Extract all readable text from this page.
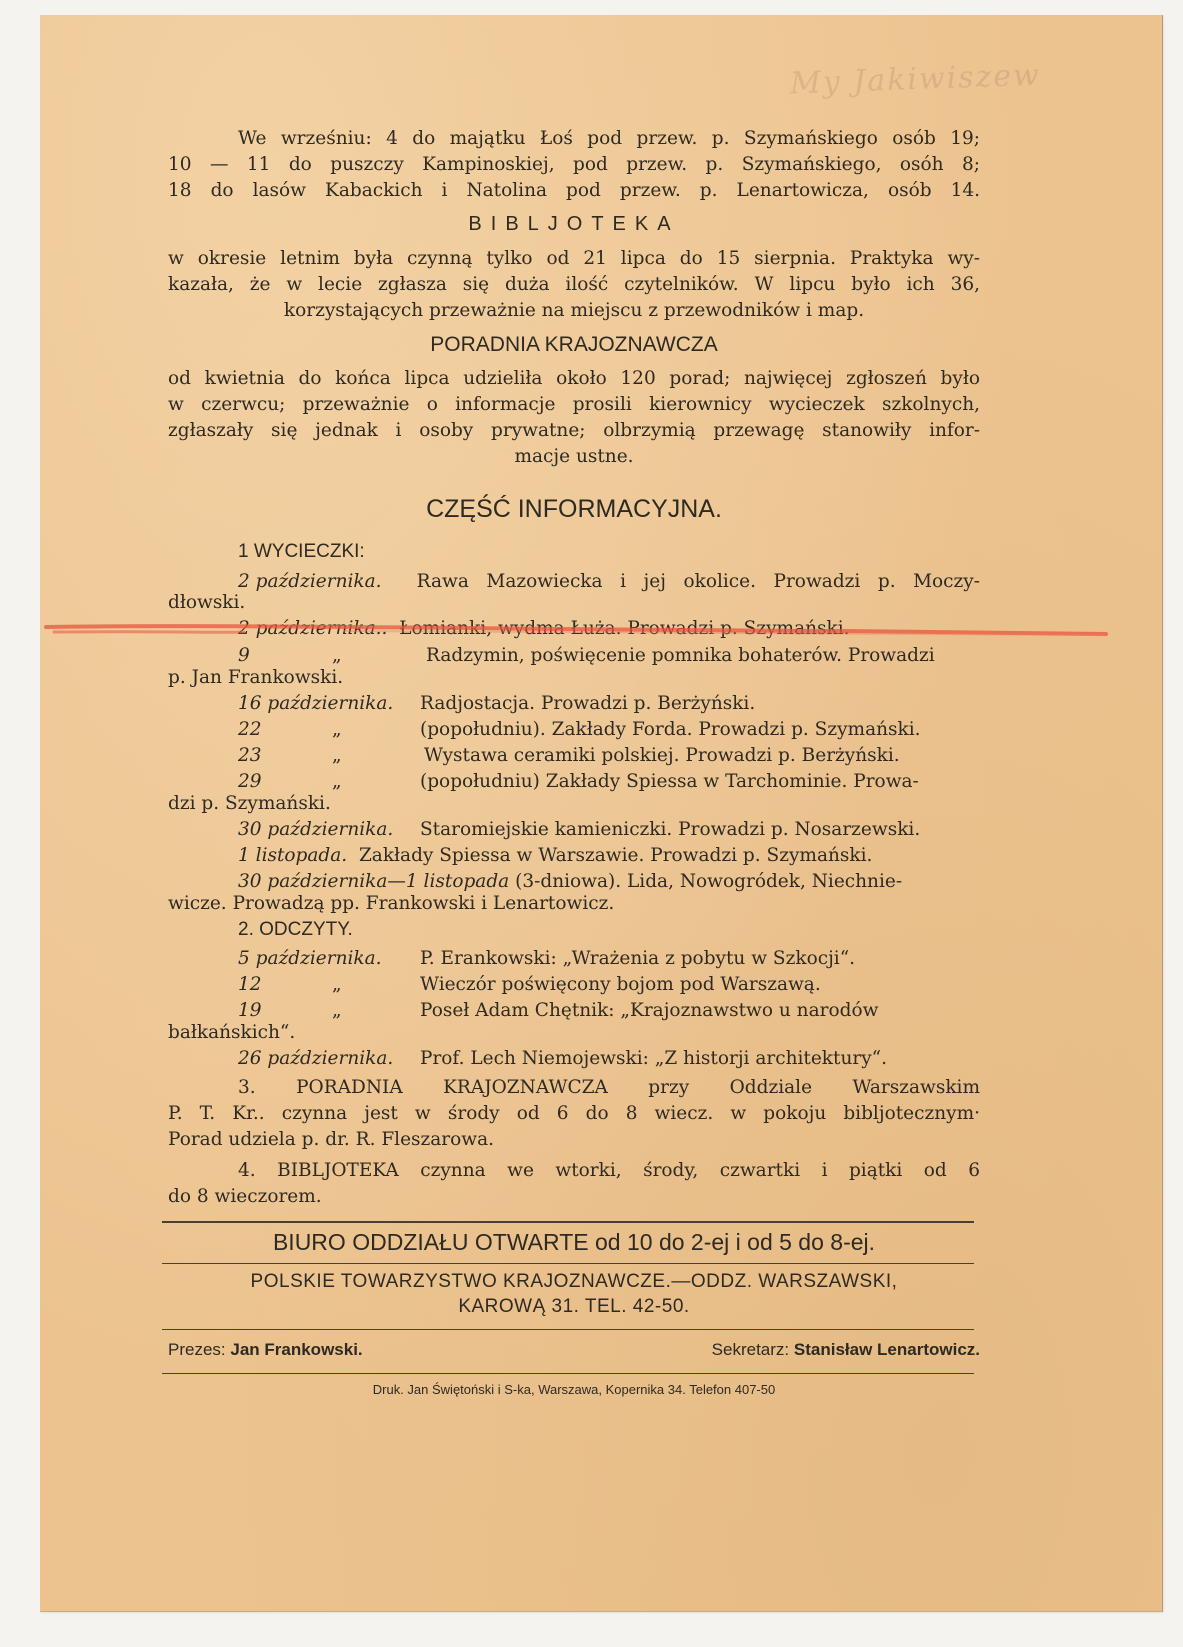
My Jakiwiszew
We wrześniu: 4 do majątku Łoś pod przew. p. Szymańskiego osób 19;
10 — 11 do puszczy Kampinoskiej, pod przew. p. Szymańskiego, osóh 8;
18 do lasów Kabackich i Natolina pod przew. p. Lenartowicza, osób 14.
BIBLJOTEKA
w okresie letnim była czynną tylko od 21 lipca do 15 sierpnia. Praktyka wy-
kazała, że w lecie zgłasza się duża ilość czytelników. W lipcu było ich 36,
korzystających przeważnie na miejscu z przewodników i map.
PORADNIA KRAJOZNAWCZA
od kwietnia do końca lipca udzieliła około 120 porad; najwięcej zgłoszeń było
w czerwcu; przeważnie o informacje prosili kierownicy wycieczek szkolnych,
zgłaszały się jednak i osoby prywatne; olbrzymią przewagę stanowiły infor-
macje ustne.
CZĘŚĆ INFORMACYJNA.
1 WYCIECZKI:
2 października. Rawa Mazowiecka i jej okolice. Prowadzi p. Moczy-
dłowski.
2 października.. Łomianki, wydma Łuża. Prowadzi p. Szymański.
9	„	Radzymin, poświęcenie pomnika bohaterów. Prowadzi
p. Jan Frankowski.
16 października. Radjostacja. Prowadzi p. Berżyński.
22	„	(popołudniu). Zakłady Forda. Prowadzi p. Szymański.
23	„	Wystawa ceramiki polskiej. Prowadzi p. Berżyński.
29	„	(popołudniu) Zakłady Spiessa w Tarchominie. Prowa-
dzi p. Szymański.
30 października. Staromiejskie kamieniczki. Prowadzi p. Nosarzewski.
1 listopada. Zakłady Spiessa w Warszawie. Prowadzi p. Szymański.
30 października—1 listopada (3-dniowa). Lida, Nowogródek, Niechnie-
wicze. Prowadzą pp. Frankowski i Lenartowicz.
2. ODCZYTY.
5 października. P. Erankowski: „Wrażenia z pobytu w Szkocji“.
12	„	Wieczór poświęcony bojom pod Warszawą.
19	„	Poseł Adam Chętnik: „Krajoznawstwo u narodów
bałkańskich“.
26 października. Prof. Lech Niemojewski: „Z historji architektury“.
3. PORADNIA KRAJOZNAWCZA przy Oddziale Warszawskim
P. T. Kr.. czynna jest w środy od 6 do 8 wiecz. w pokoju bibljotecznym·
Porad udziela p. dr. R. Fleszarowa.
4. BIBLJOTEKA czynna we wtorki, środy, czwartki i piątki od 6
do 8 wieczorem.
BIURO ODDZIAŁU OTWARTE od 10 do 2-ej i od 5 do 8-ej.
POLSKIE TOWARZYSTWO KRAJOZNAWCZE.—ODDZ. WARSZAWSKI,
KAROWĄ 31. TEL. 42-50.
Prezes: Jan Frankowski.	Sekretarz: Stanisław Lenartowicz.
Druk. Jan Świętoński i S-ka, Warszawa, Kopernika 34. Telefon 407-50
